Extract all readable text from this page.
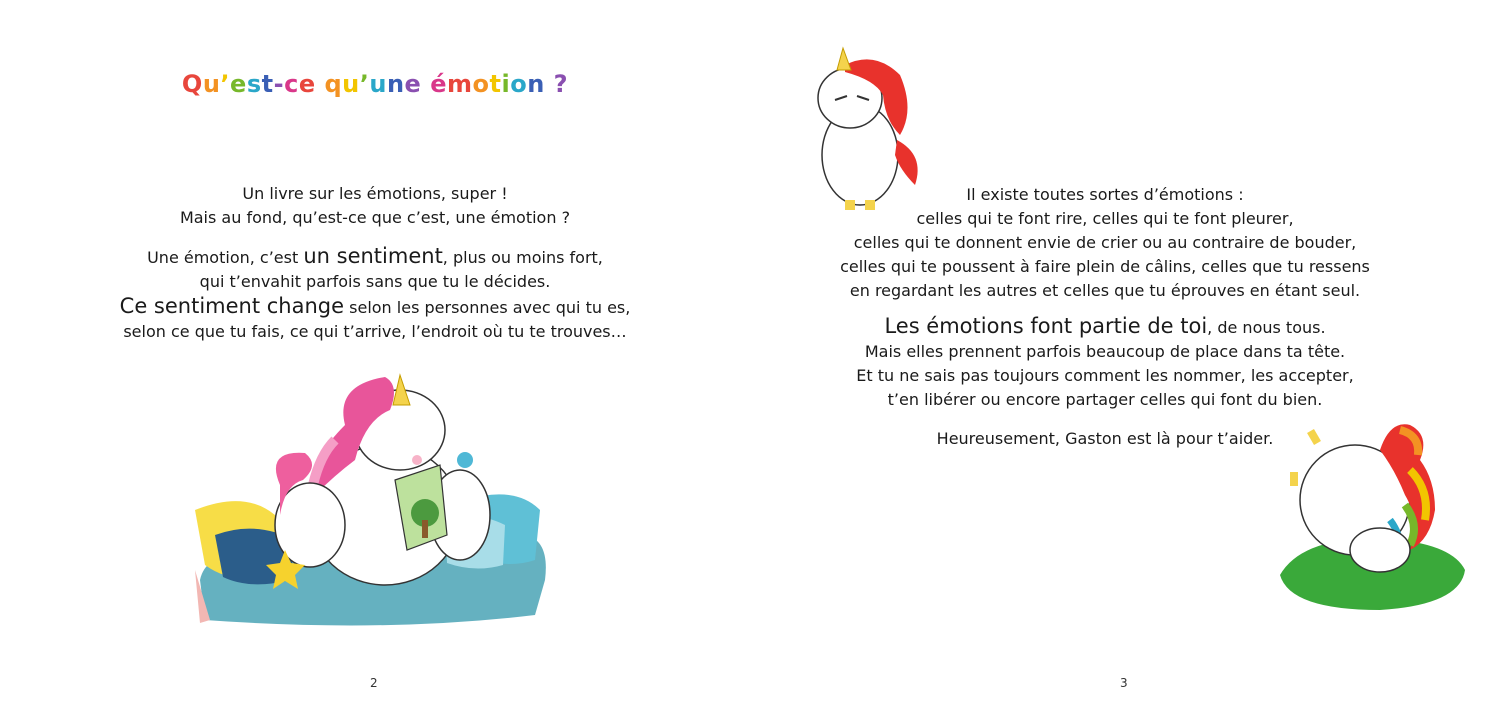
Qu’est-ce qu’une émotion ?

Un livre sur les émotions, super !

Mais au fond, qu’est-ce que c’est, une émotion ?

Une émotion, c’est un sentiment, plus ou moins fort,

qui t’envahit parfois sans que tu le décides.

Ce sentiment change selon les personnes avec qui tu es,

selon ce que tu fais, ce qui t’arrive, l’endroit où tu te trouves…

2

Il existe toutes sortes d’émotions :

celles qui te font rire, celles qui te font pleurer,

celles qui te donnent envie de crier ou au contraire de bouder,

celles qui te poussent à faire plein de câlins, celles que tu ressens

en regardant les autres et celles que tu éprouves en étant seul.

Les émotions font partie de toi, de nous tous.

Mais elles prennent parfois beaucoup de place dans ta tête.

Et tu ne sais pas toujours comment les nommer, les accepter,

t’en libérer ou encore partager celles qui font du bien.

Heureusement, Gaston est là pour t’aider.

3
